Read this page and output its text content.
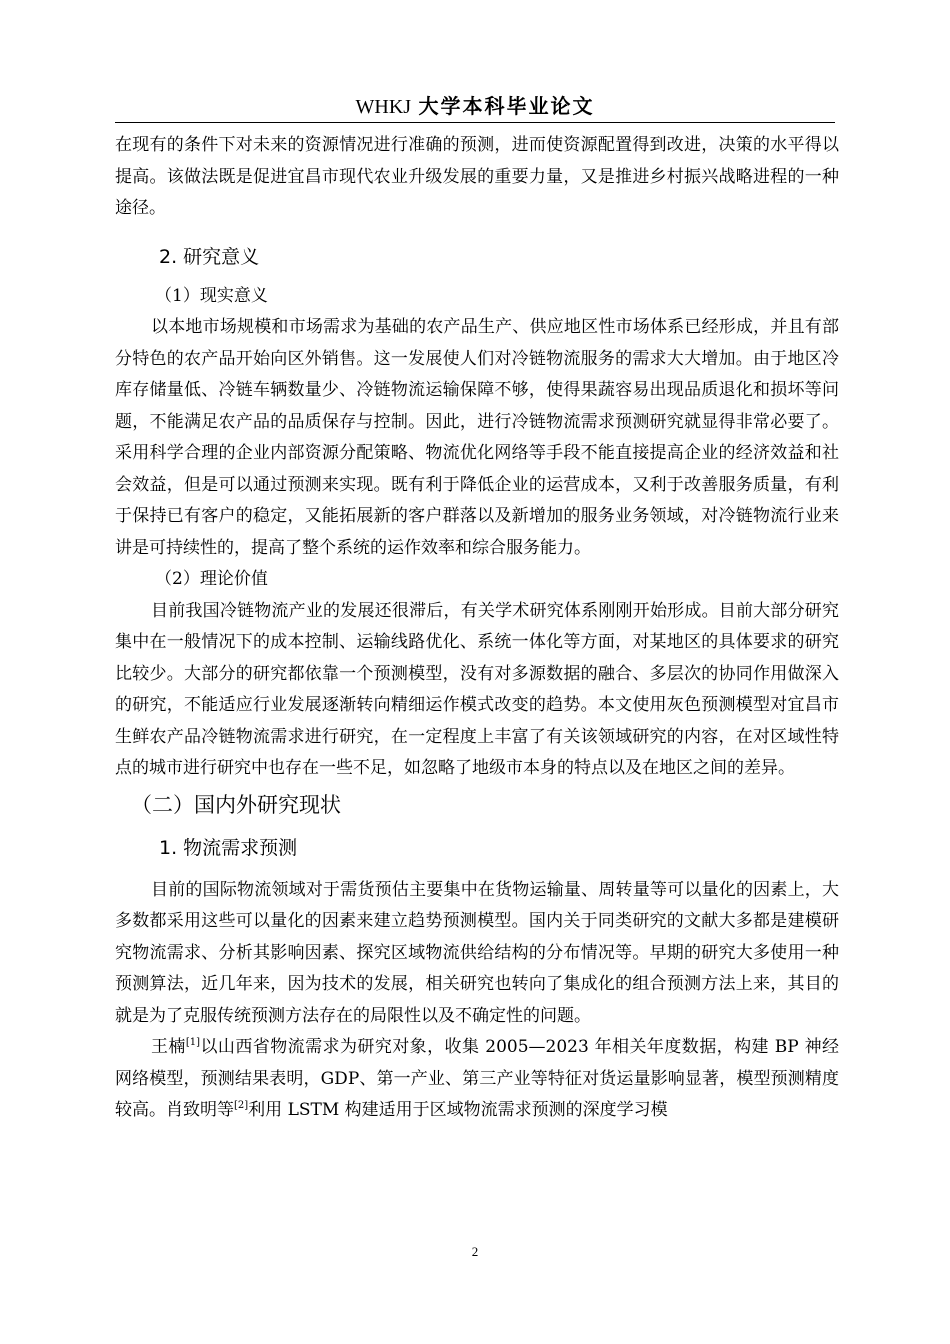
WHKJ 大学本科毕业论文

在现有的条件下对未来的资源情况进行准确的预测，进而使资源配置得到改进，决策的水平得以提高。该做法既是促进宜昌市现代农业升级发展的重要力量，又是推进乡村振兴战略进程的一种途径。

2. 研究意义

（1）现实意义

以本地市场规模和市场需求为基础的农产品生产、供应地区性市场体系已经形成，并且有部分特色的农产品开始向区外销售。这一发展使人们对冷链物流服务的需求大大增加。由于地区冷库存储量低、冷链车辆数量少、冷链物流运输保障不够，使得果蔬容易出现品质退化和损坏等问题，不能满足农产品的品质保存与控制。因此，进行冷链物流需求预测研究就显得非常必要了。采用科学合理的企业内部资源分配策略、物流优化网络等手段不能直接提高企业的经济效益和社会效益，但是可以通过预测来实现。既有利于降低企业的运营成本，又利于改善服务质量，有利于保持已有客户的稳定，又能拓展新的客户群落以及新增加的服务业务领域，对冷链物流行业来讲是可持续性的，提高了整个系统的运作效率和综合服务能力。

（2）理论价值

目前我国冷链物流产业的发展还很滞后，有关学术研究体系刚刚开始形成。目前大部分研究集中在一般情况下的成本控制、运输线路优化、系统一体化等方面，对某地区的具体要求的研究比较少。大部分的研究都依靠一个预测模型，没有对多源数据的融合、多层次的协同作用做深入的研究，不能适应行业发展逐渐转向精细运作模式改变的趋势。本文使用灰色预测模型对宜昌市生鲜农产品冷链物流需求进行研究，在一定程度上丰富了有关该领域研究的内容，在对区域性特点的城市进行研究中也存在一些不足，如忽略了地级市本身的特点以及在地区之间的差异。

（二）国内外研究现状

1. 物流需求预测

目前的国际物流领域对于需货预估主要集中在货物运输量、周转量等可以量化的因素上，大多数都采用这些可以量化的因素来建立趋势预测模型。国内关于同类研究的文献大多都是建模研究物流需求、分析其影响因素、探究区域物流供给结构的分布情况等。早期的研究大多使用一种预测算法，近几年来，因为技术的发展，相关研究也转向了集成化的组合预测方法上来，其目的就是为了克服传统预测方法存在的局限性以及不确定性的问题。

王楠[1]以山西省物流需求为研究对象，收集 2005—2023 年相关年度数据，构建 BP 神经网络模型，预测结果表明，GDP、第一产业、第三产业等特征对货运量影响显著，模型预测精度较高。肖致明等[2]利用 LSTM 构建适用于区域物流需求预测的深度学习模

2
